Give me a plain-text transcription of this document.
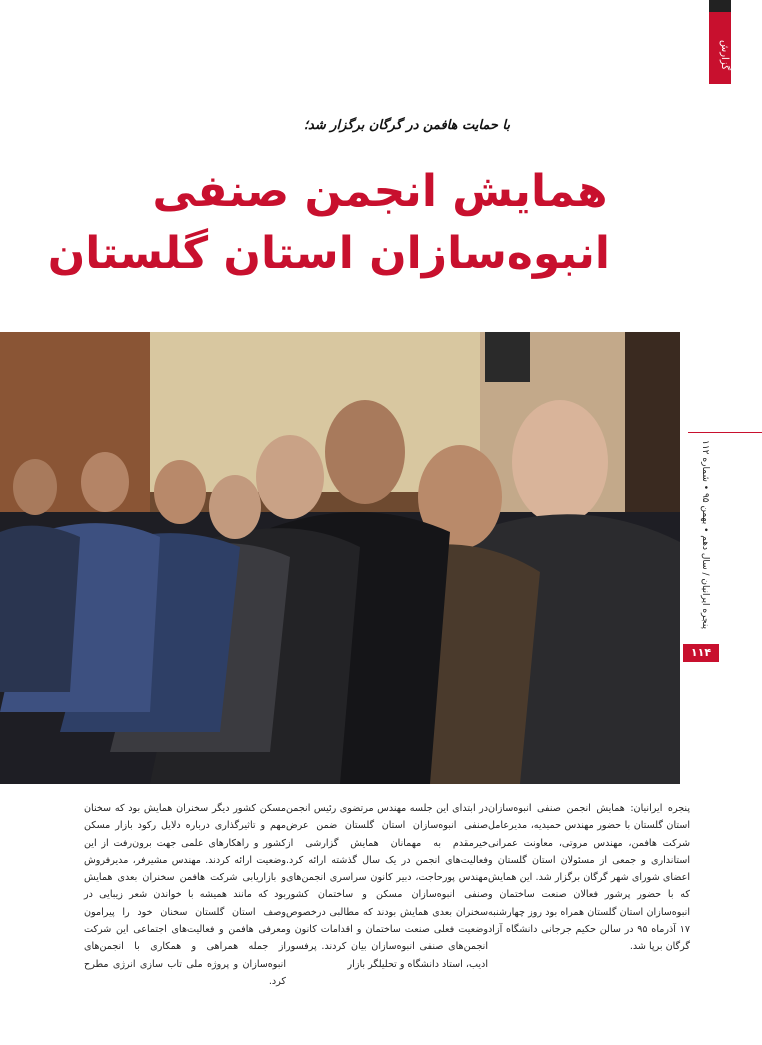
گزارش
با حمایت هافمن در گرگان برگزار شد؛
همایش انجمن صنفی
انبوه‌سازان استان گلستان
پنجره ایرانیان / سال دهم • بهمن ۹۵ • شماره ۱۱۲
۱۱۴
پنجره ایرانیان: همایش انجمن صنفی انبوه‌سازان استان گلستان با حضور مهندس حمیدیه، مدیرعامل شرکت هافمن، مهندس مروتی، معاونت عمرانی استانداری و جمعی از مسئولان استان گلستان و اعضای شورای شهر گرگان برگزار شد. این همایش که با حضور پرشور فعالان صنعت ساختمان و انبوه‌سازان استان گلستان همراه بود روز چهارشنبه ۱۷ آذرماه ۹۵ در سالن حکیم جرجانی دانشگاه آزاد گرگان برپا شد.
در ابتدای این جلسه مهندس مرتضوی رئیس انجمن صنفی انبوه‌سازان استان گلستان ضمن عرض خیرمقدم به مهمانان همایش گزارشی از فعالیت‌های انجمن در یک سال گذشته ارائه کرد. مهندس پورحاجت، دبیر کانون سراسری انجمن‌های صنفی انبوه‌سازان مسکن و ساختمان کشور سخنران بعدی همایش بودند که مطالبی درخصوص وضعیت فعلی صنعت ساختمان و اقدامات کانون و انجمن‌های صنفی انبوه‌سازان بیان کردند. پرفسور ادیب، استاد دانشگاه و تحلیلگر بازار
مسکن کشور دیگر سخنران همایش بود که سخنان مهم و تاثیرگذاری درباره دلایل رکود بازار مسکن کشور و راهکارهای علمی جهت برون‌رفت از این وضعیت ارائه کردند. مهندس مشیرفر، مدیرفروش و بازاریابی شرکت هافمن سخنران بعدی همایش بود که مانند همیشه با خواندن شعر زیبایی در وصف استان گلستان سخنان خود را پیرامون معرفی هافمن و فعالیت‌های اجتماعی این شرکت از جمله همراهی و همکاری با انجمن‌های انبوه‌سازان و پروژه ملی تاب سازی انرژی مطرح کرد.
